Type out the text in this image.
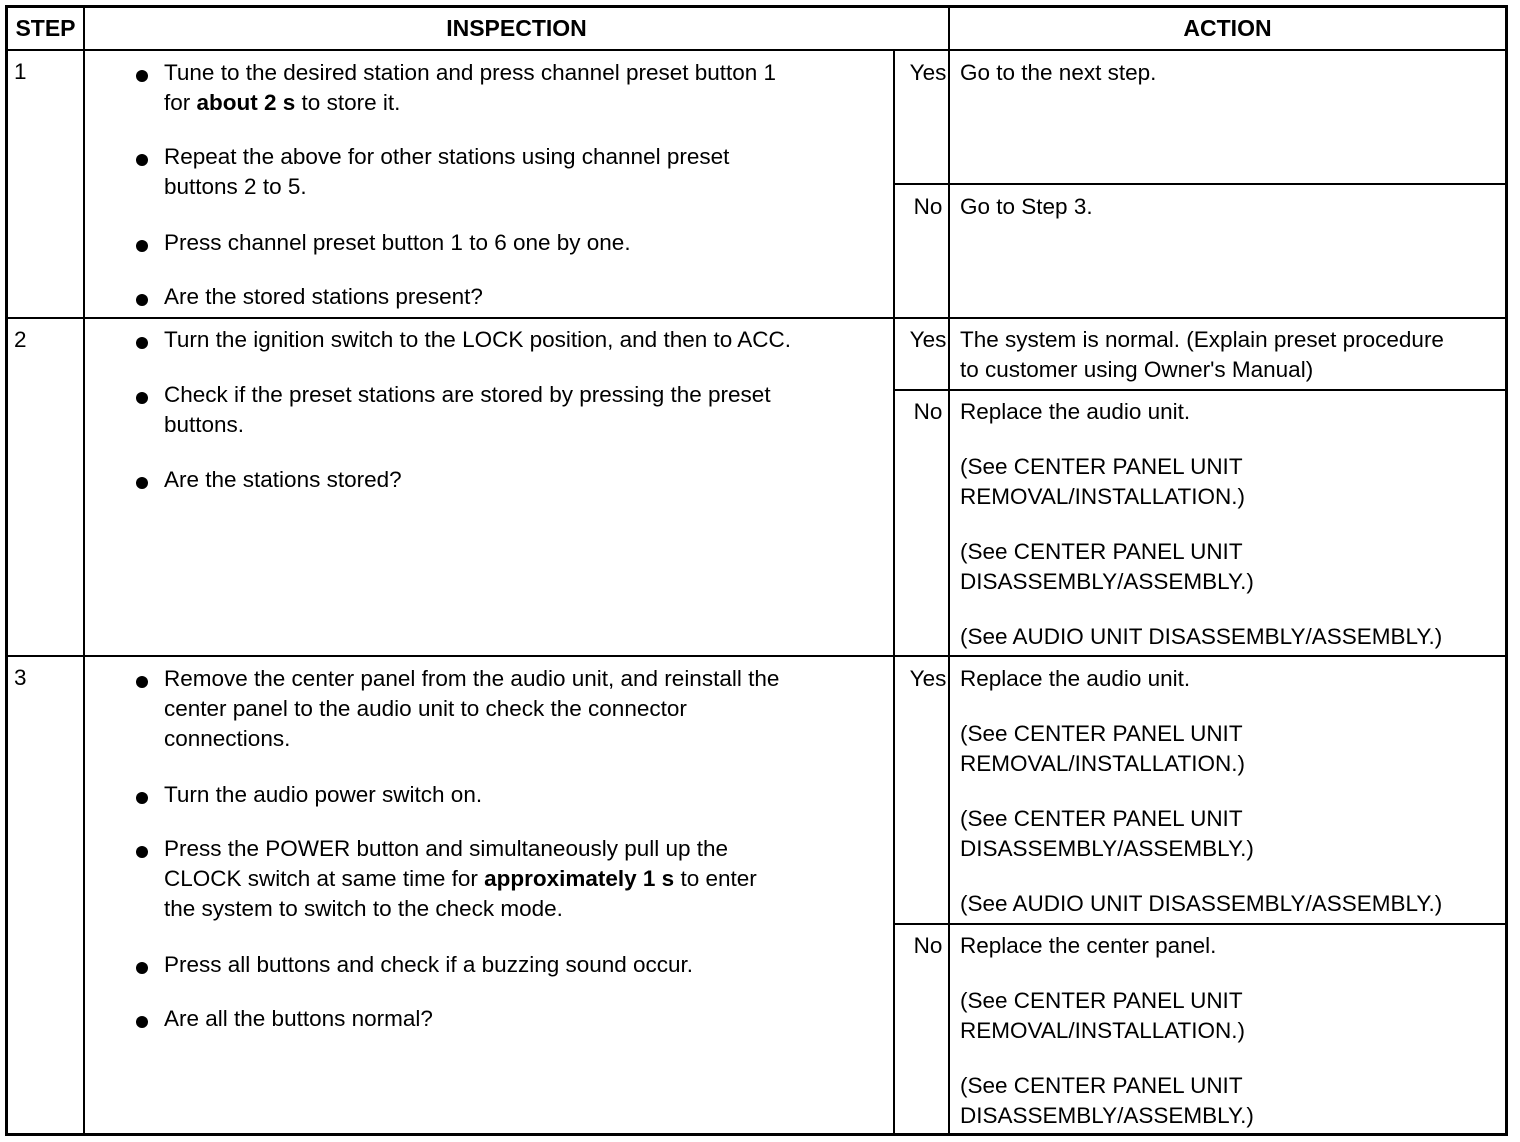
STEP	INSPECTION	ACTION
1	Tune to the desired station and press channel preset button 1
for about 2 s to store it.
Repeat the above for other stations using channel preset
buttons 2 to 5.
Press channel preset button 1 to 6 one by one.
Are the stored stations present?
Yes Go to the next step.
No Go to Step 3.
2	Turn the ignition switch to the LOCK position, and then to ACC.
Check if the preset stations are stored by pressing the preset
buttons.
Are the stations stored?
Yes The system is normal. (Explain preset procedure
to customer using Owner's Manual)
No Replace the audio unit.
(See CENTER PANEL UNIT
REMOVAL/INSTALLATION.)
(See CENTER PANEL UNIT
DISASSEMBLY/ASSEMBLY.)
(See AUDIO UNIT DISASSEMBLY/ASSEMBLY.)
3	Remove the center panel from the audio unit, and reinstall the
center panel to the audio unit to check the connector
connections.
Turn the audio power switch on.
Press the POWER button and simultaneously pull up the
CLOCK switch at same time for approximately 1 s to enter
the system to switch to the check mode.
Press all buttons and check if a buzzing sound occur.
Are all the buttons normal?
Yes Replace the audio unit.
(See CENTER PANEL UNIT
REMOVAL/INSTALLATION.)
(See CENTER PANEL UNIT
DISASSEMBLY/ASSEMBLY.)
(See AUDIO UNIT DISASSEMBLY/ASSEMBLY.)
No Replace the center panel.
(See CENTER PANEL UNIT
REMOVAL/INSTALLATION.)
(See CENTER PANEL UNIT
DISASSEMBLY/ASSEMBLY.)
